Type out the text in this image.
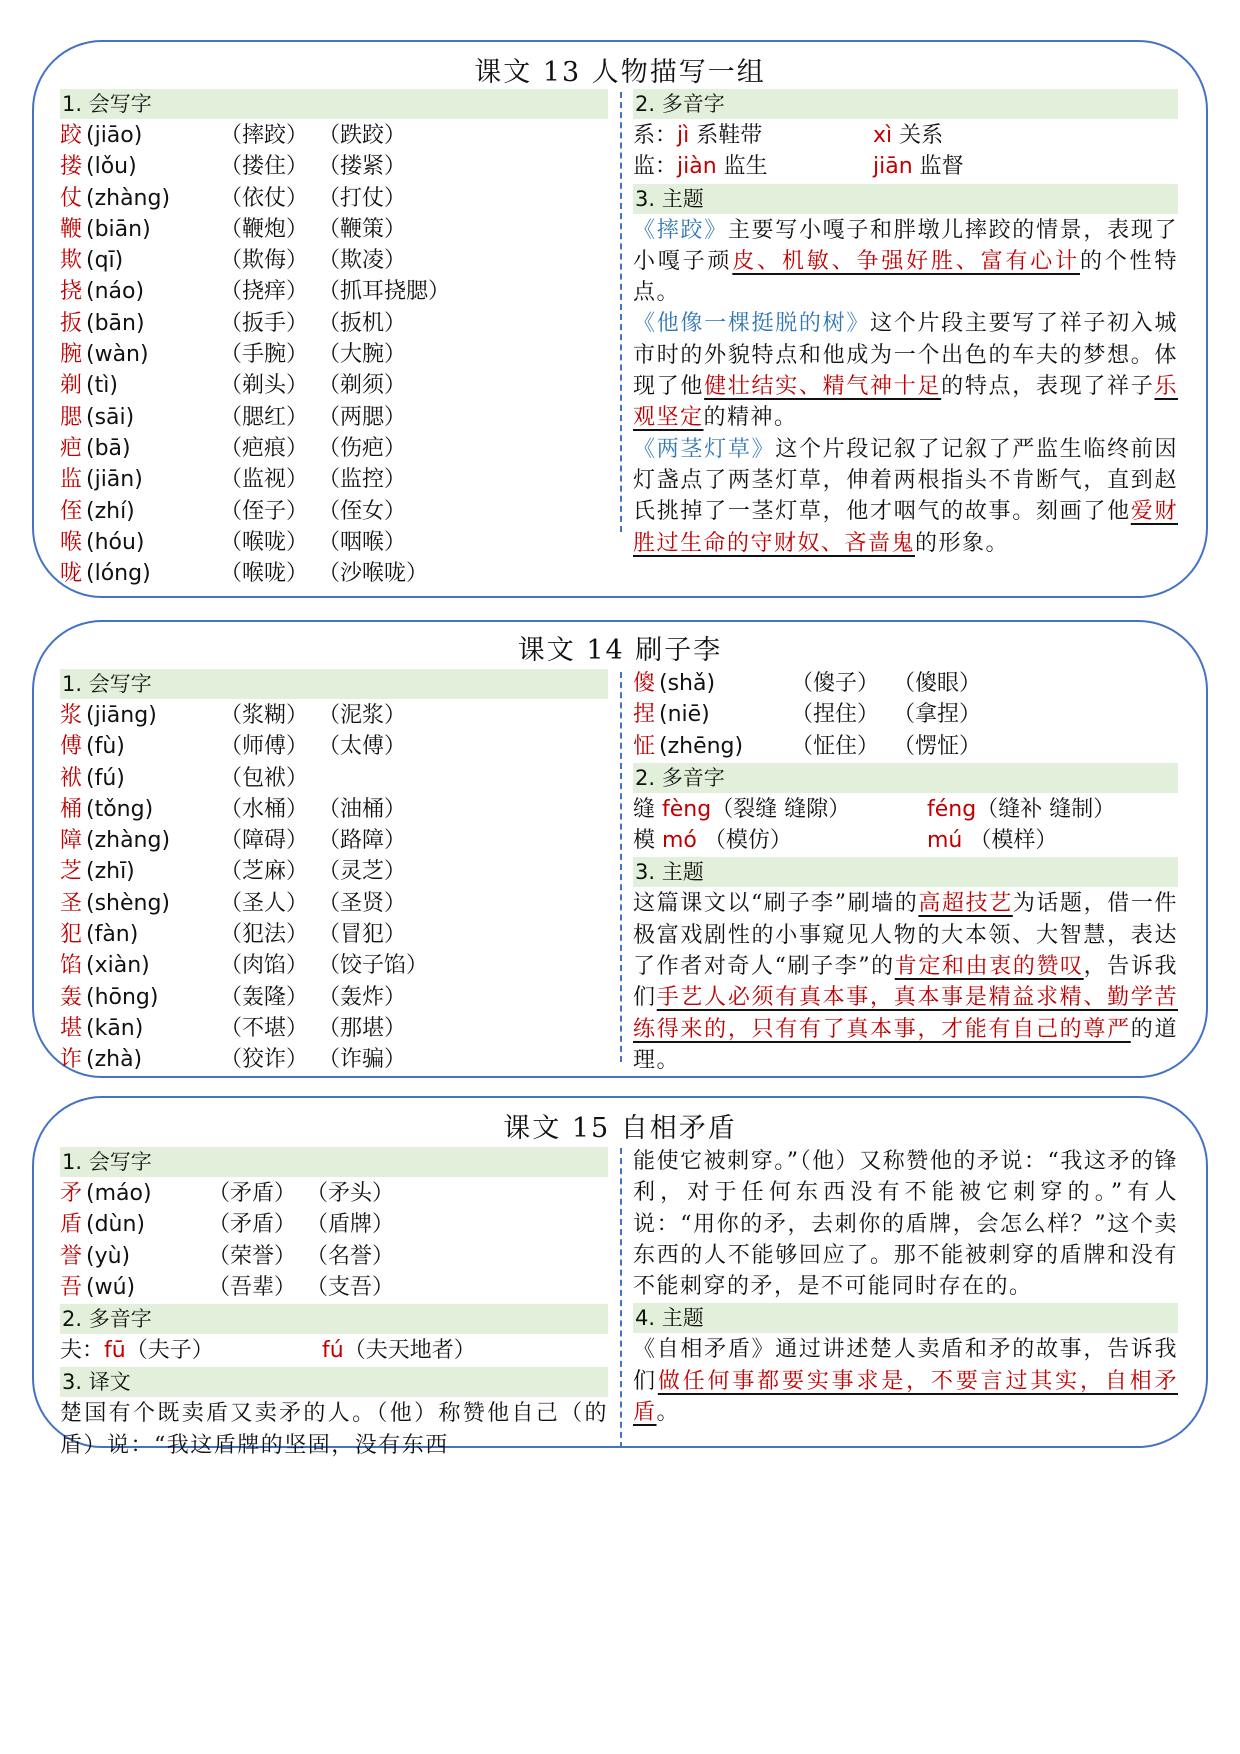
课文 13 人物描写一组
1. 会写字
跤 (jiāo)	（摔跤） （跌跤）
搂 (lǒu)	（搂住） （搂紧）
仗 (zhàng) （依仗） （打仗）
鞭 (biān)	（鞭炮） （鞭策）
欺 (qī)	（欺侮） （欺凌）
挠 (náo)	（挠痒） （抓耳挠腮）
扳 (bān)	（扳手） （扳机）
腕 (wàn)	（手腕） （大腕）
剃 (tì)	（剃头） （剃须）
腮 (sāi)	（腮红） （两腮）
疤 (bā)	（疤痕） （伤疤）
监 (jiān)	（监视） （监控）
侄 (zhí)	（侄子） （侄女）
喉 (hóu)	（喉咙） （咽喉）
咙 (lóng)	（喉咙） （沙喉咙）
2. 多音字
系：jì 系鞋带	xì 关系
监：jiàn 监生	jiān 监督
3. 主题
《摔跤》主要写小嘎子和胖墩儿摔跤的情景，表现了小嘎子顽皮、机敏、争强好胜、富有心计的个性特点。
《他像一棵挺脱的树》这个片段主要写了祥子初入城市时的外貌特点和他成为一个出色的车夫的梦想。体现了他健壮结实、精气神十足的特点，表现了祥子乐观坚定的精神。
《两茎灯草》这个片段记叙了记叙了严监生临终前因灯盏点了两茎灯草，伸着两根指头不肯断气，直到赵氏挑掉了一茎灯草，他才咽气的故事。刻画了他爱财胜过生命的守财奴、吝啬鬼的形象。
课文 14 刷子李
1. 会写字
浆 (jiāng)	（浆糊） （泥浆）
傅 (fù)	（师傅） （太傅）
袱 (fú)	（包袱）
桶 (tǒng)	（水桶） （油桶）
障 (zhàng) （障碍） （路障）
芝 (zhī)	（芝麻） （灵芝）
圣 (shèng) （圣人） （圣贤）
犯 (fàn)	（犯法） （冒犯）
馅 (xiàn)	（肉馅） （饺子馅）
轰 (hōng)	（轰隆） （轰炸）
堪 (kān)	（不堪） （那堪）
诈 (zhà)	（狡诈） （诈骗）
傻 (shǎ)	（傻子） （傻眼）
捏 (niē)	（捏住） （拿捏）
怔 (zhēng) （怔住） （愣怔）
2. 多音字
缝 fèng（裂缝 缝隙）	féng（缝补 缝制）
模 mó （模仿）	mú （模样）
3. 主题
这篇课文以“刷子李”刷墙的高超技艺为话题，借一件极富戏剧性的小事窥见人物的大本领、大智慧，表达了作者对奇人“刷子李”的肯定和由衷的赞叹，告诉我们手艺人必须有真本事，真本事是精益求精、勤学苦练得来的，只有有了真本事，才能有自己的尊严的道理。
课文 15 自相矛盾
1. 会写字
矛 (máo)	（矛盾） （矛头）
盾 (dùn)	（矛盾） （盾牌）
誉 (yù)	（荣誉） （名誉）
吾 (wú)	（吾辈） （支吾）
2. 多音字
夫：fū（夫子）	fú（夫天地者）
3. 译文
楚国有个既卖盾又卖矛的人。（他）称赞他自己（的盾）说：“我这盾牌的坚固，没有东西
能使它被刺穿。”（他）又称赞他的矛说：“我这矛的锋利，对于任何东西没有不能被它刺穿的。”有人说：“用你的矛，去刺你的盾牌，会怎么样？”这个卖东西的人不能够回应了。那不能被刺穿的盾牌和没有不能刺穿的矛，是不可能同时存在的。
4. 主题
《自相矛盾》通过讲述楚人卖盾和矛的故事，告诉我们做任何事都要实事求是，不要言过其实，自相矛盾。
